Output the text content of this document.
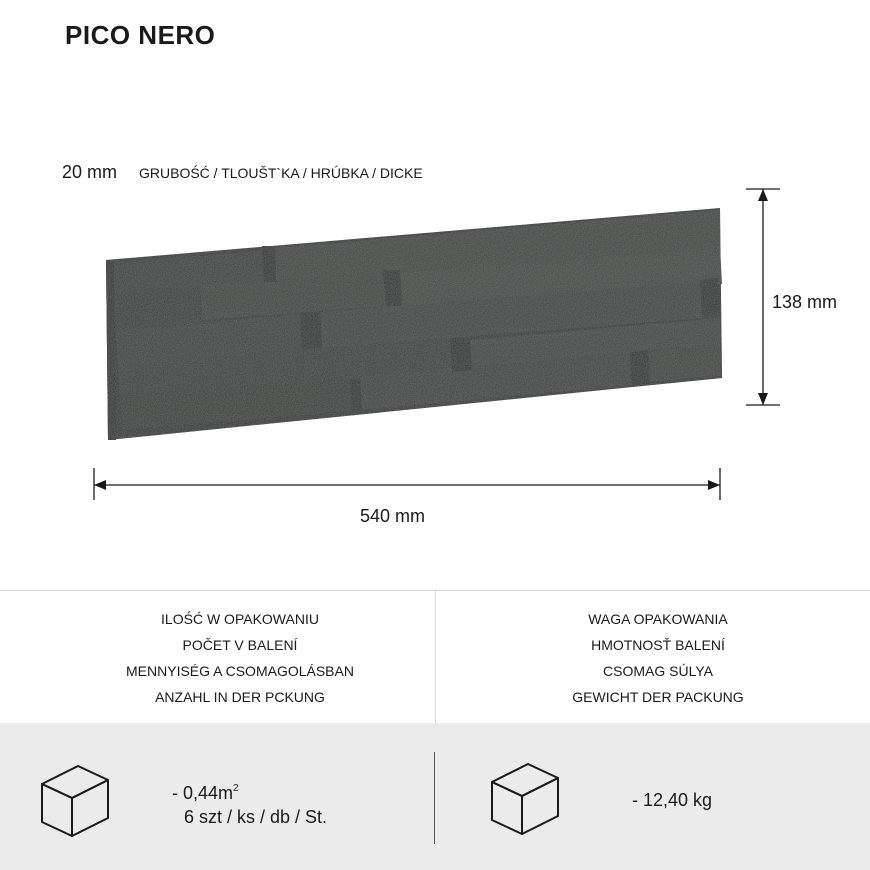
PICO NERO
20 mm GRUBOŚĆ / TLOUŠT`KA / HRÚBKA / DICKE
138 mm
540 mm
ILOŚĆ W OPAKOWANIU
POČET V BALENÍ
MENNYISÉG A CSOMAGOLÁSBAN
ANZAHL IN DER PCKUNG
WAGA OPAKOWANIA
HMOTNOSŤ BALENÍ
CSOMAG SÚLYA
GEWICHT DER PACKUNG
- $0,44m^2$
6 szt / ks / db / St.
- 12,40 kg
